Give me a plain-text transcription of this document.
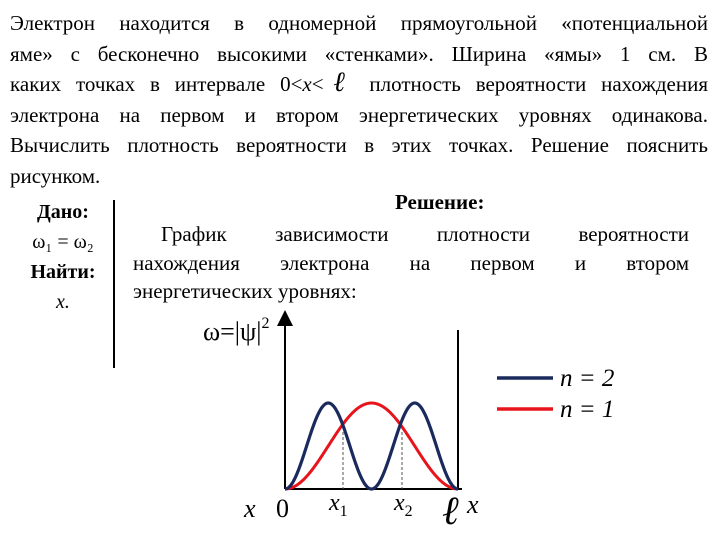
Электрон находится в одномерной прямоугольной «потенциальной
яме» с бесконечно высокими «стенками». Ширина «ямы» 1 см. В
каких точках в интервале 0<x<ℓ плотность вероятности нахождения
электрона на первом и втором энергетических уровнях одинакова.
Вычислить плотность вероятности в этих точках. Решение пояснить
рисунком.
Дано:
ω₁ = ω₂
Найти:
x.
Решение:
График зависимости плотности вероятности
нахождения электрона на первом и втором
энергетических уровнях:
$\omega=|\psi|^2$
x 0 $x_1$ $x_2$ ℓ x
n = 2
n = 1
